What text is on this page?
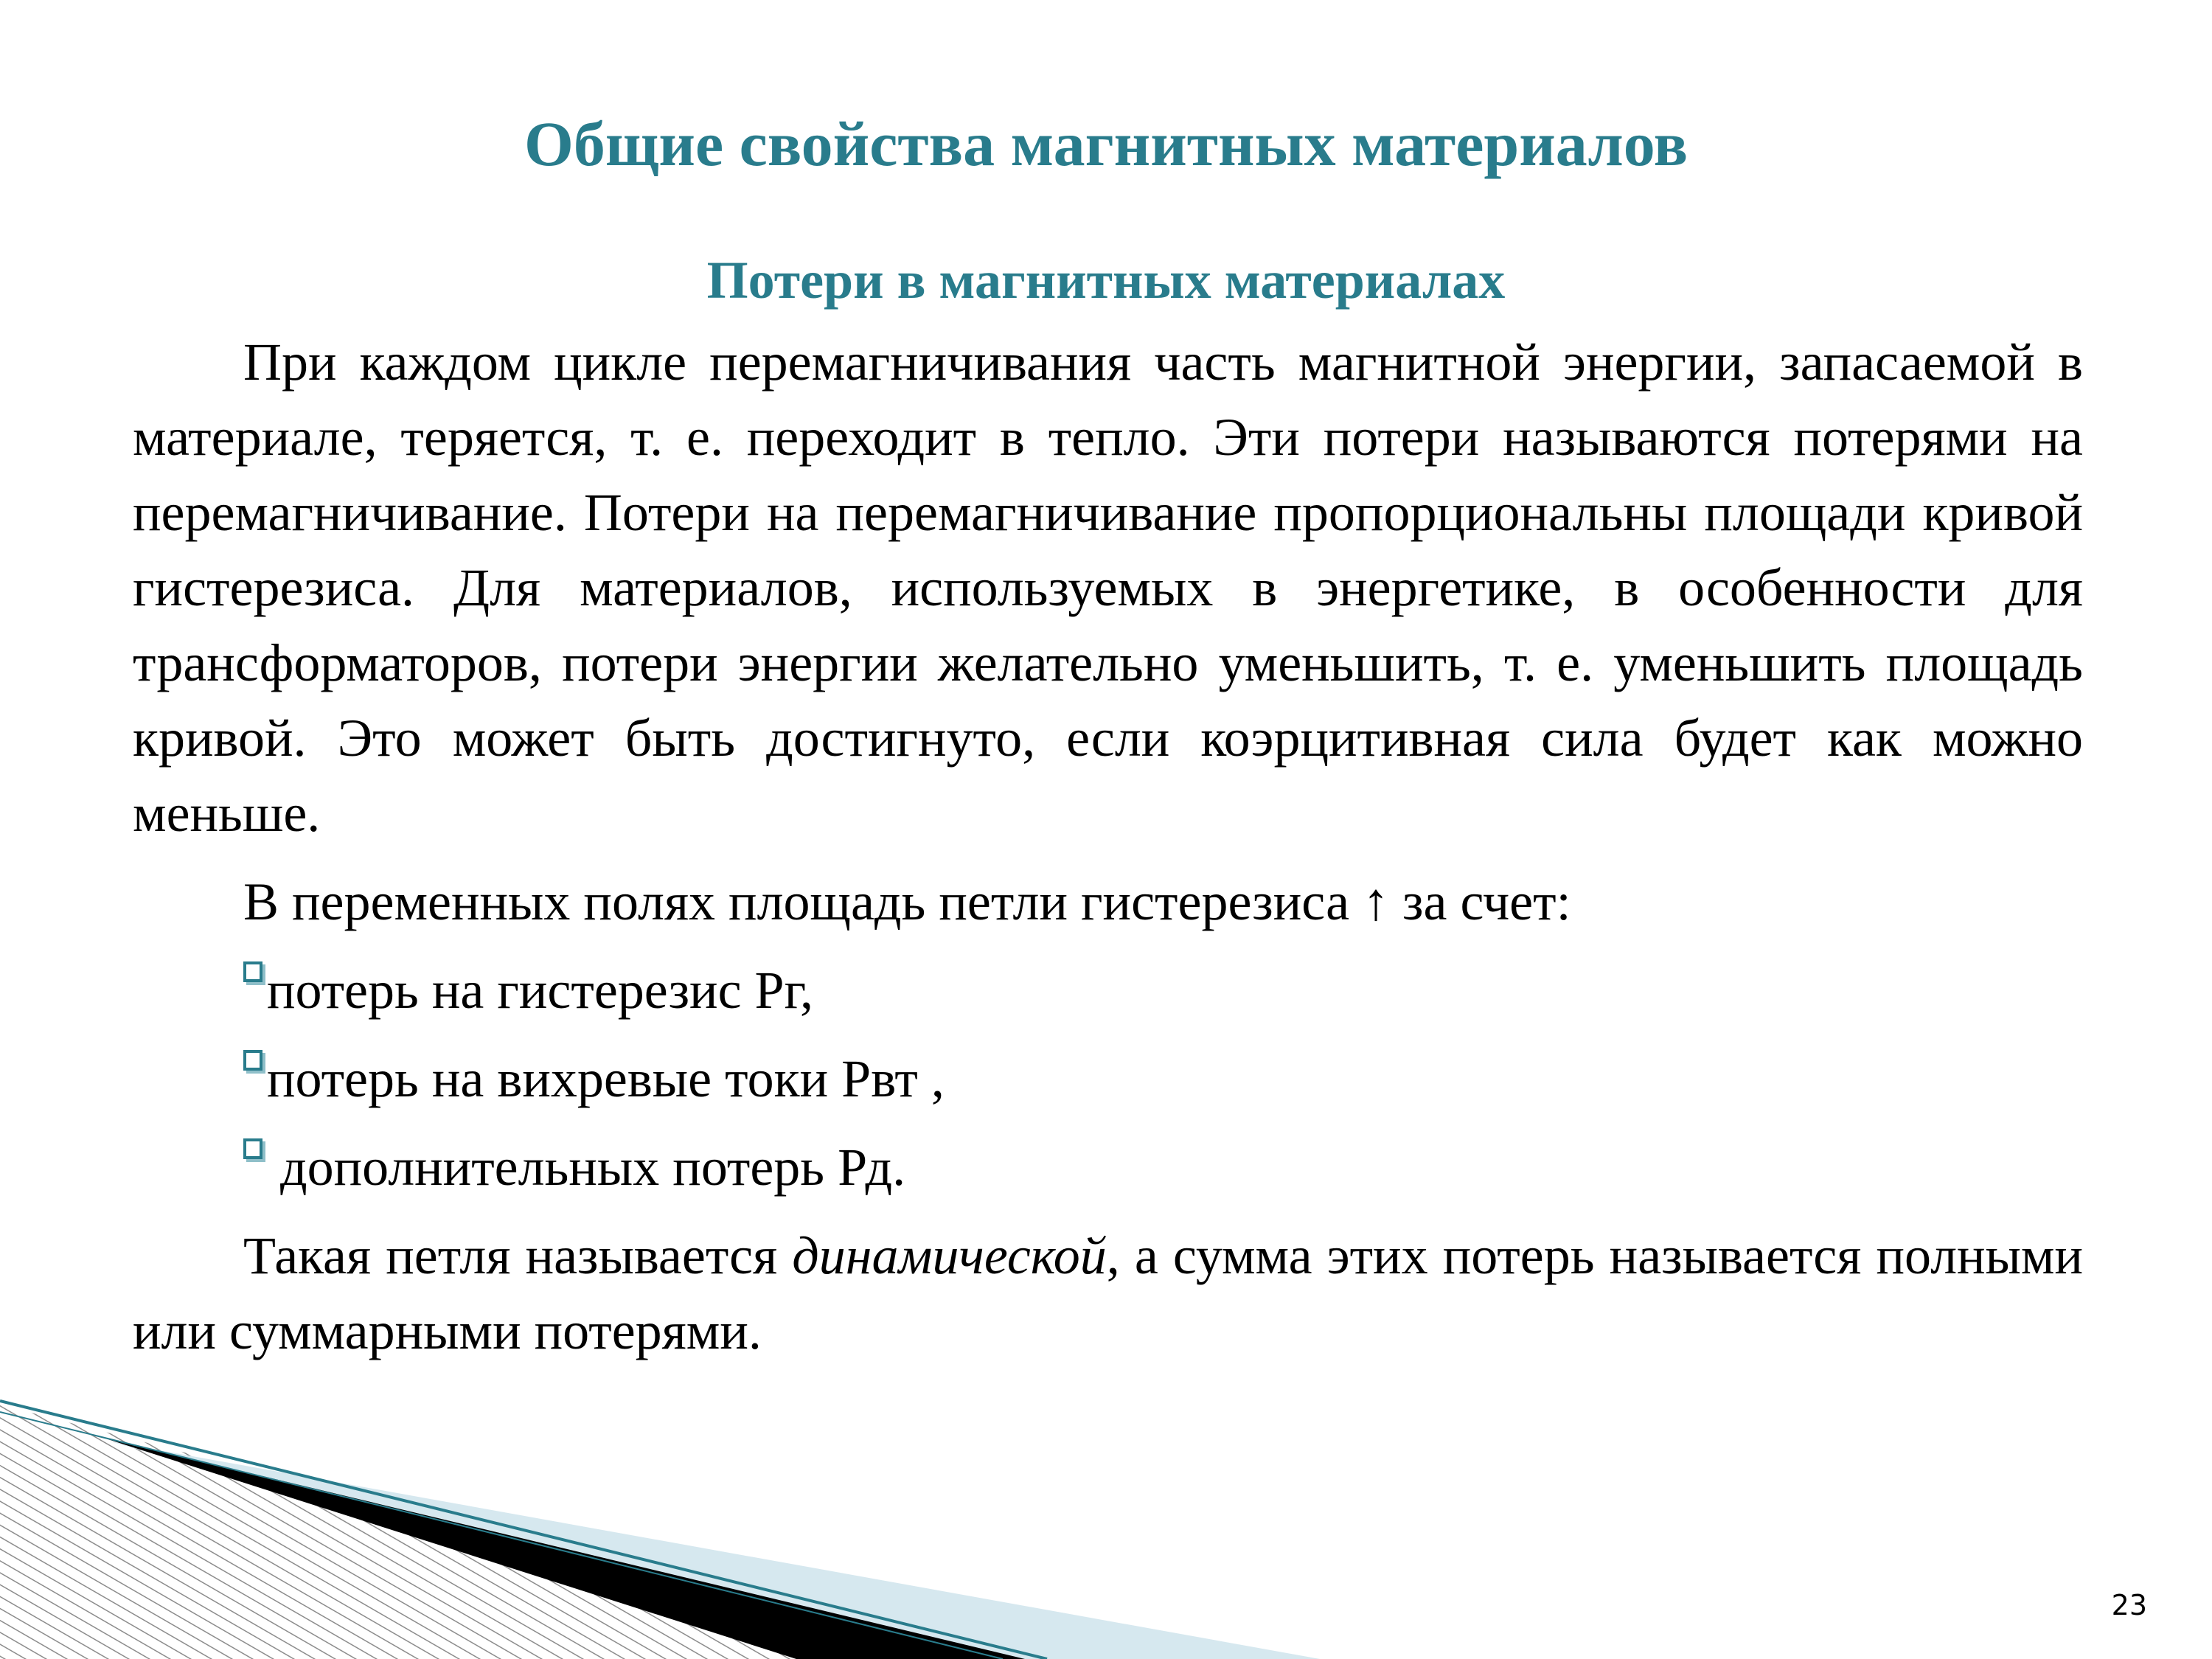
Общие свойства магнитных материалов
Потери в магнитных материалах

При каждом цикле перемагничивания часть магнитной энергии, запасаемой в материале, теряется, т. е. переходит в тепло. Эти потери называются потерями на перемагничивание. Потери на перемагничивание пропорциональны площади кривой гистерезиса. Для материалов, используемых в энергетике, в особенности для трансформаторов, потери энергии желательно уменьшить, т. е. уменьшить площадь кривой. Это может быть достигнуто, если коэрцитивная сила будет как можно меньше.

В переменных полях площадь петли гистерезиса ↑ за счет:

потерь на гистерезис Рг,
потерь на вихревые токи Рвт ,
дополнительных потерь Рд.

Такая петля называется динамической, а сумма этих потерь называется полными или суммарными потерями.

23
